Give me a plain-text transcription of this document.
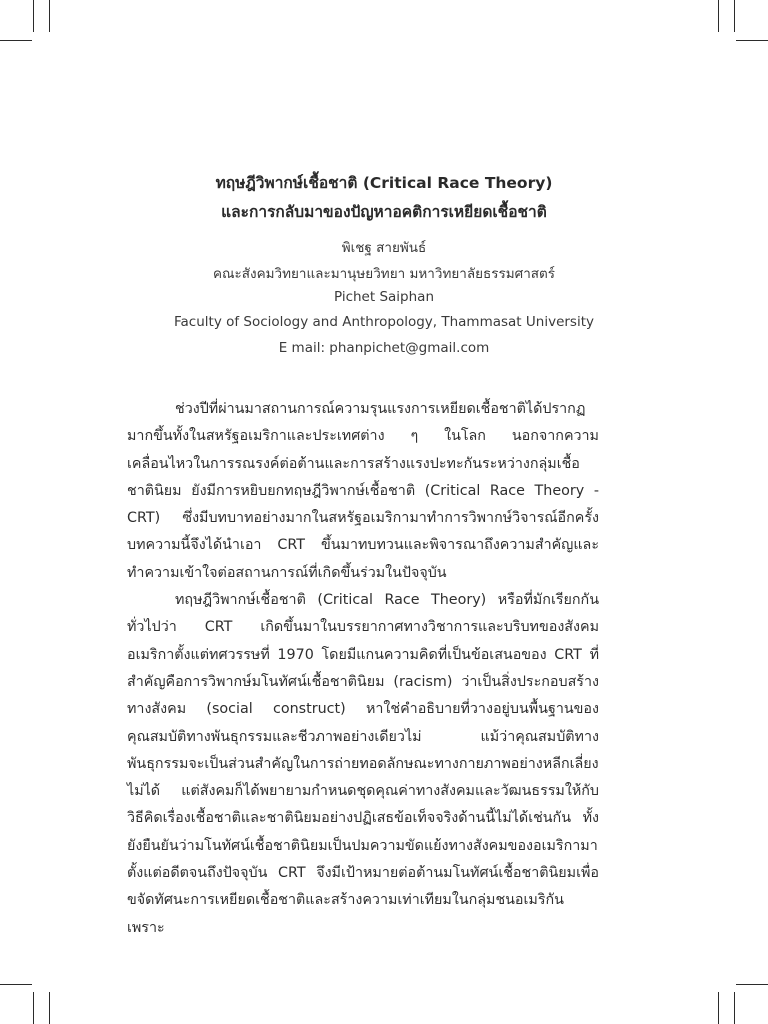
ทฤษฎีวิพากษ์เชื้อชาติ (Critical Race Theory)
และการกลับมาของปัญหาอคติการเหยียดเชื้อชาติ
พิเชฐ สายพันธ์
คณะสังคมวิทยาและมานุษยวิทยา มหาวิทยาลัยธรรมศาสตร์
Pichet Saiphan
Faculty of Sociology and Anthropology, Thammasat University
E mail: phanpichet@gmail.com

ช่วงปีที่ผ่านมาสถานการณ์ความรุนแรงการเหยียดเชื้อชาติได้ปรากฏมากขึ้นทั้งในสหรัฐอเมริกาและประเทศต่าง ๆ ในโลก นอกจากความเคลื่อนไหวในการรณรงค์ต่อต้านและการสร้างแรงปะทะกันระหว่างกลุ่มเชื้อชาตินิยม ยังมีการหยิบยกทฤษฎีวิพากษ์เชื้อชาติ (Critical Race Theory - CRT) ซึ่งมีบทบาทอย่างมากในสหรัฐอเมริกามาทำการวิพากษ์วิจารณ์อีกครั้ง บทความนี้จึงได้นำเอา CRT ขึ้นมาทบทวนและพิจารณาถึงความสำคัญและทำความเข้าใจต่อสถานการณ์ที่เกิดขึ้นร่วมในปัจจุบัน

ทฤษฎีวิพากษ์เชื้อชาติ (Critical Race Theory) หรือที่มักเรียกกันทั่วไปว่า CRT เกิดขึ้นมาในบรรยากาศทางวิชาการและบริบทของสังคมอเมริกาตั้งแต่ทศวรรษที่ 1970 โดยมีแกนความคิดที่เป็นข้อเสนอของ CRT ที่สำคัญคือการวิพากษ์มโนทัศน์เชื้อชาตินิยม (racism) ว่าเป็นสิ่งประกอบสร้างทางสังคม (social construct) หาใช่คำอธิบายที่วางอยู่บนพื้นฐานของคุณสมบัติทางพันธุกรรมและชีวภาพอย่างเดียวไม่ แม้ว่าคุณสมบัติทางพันธุกรรมจะเป็นส่วนสำคัญในการถ่ายทอดลักษณะทางกายภาพอย่างหลีกเลี่ยงไม่ได้ แต่สังคมก็ได้พยายามกำหนดชุดคุณค่าทางสังคมและวัฒนธรรมให้กับวิธีคิดเรื่องเชื้อชาติและชาตินิยมอย่างปฏิเสธข้อเท็จจริงด้านนี้ไม่ได้เช่นกัน ทั้งยังยืนยันว่ามโนทัศน์เชื้อชาตินิยมเป็นปมความขัดแย้งทางสังคมของอเมริกามาตั้งแต่อดีตจนถึงปัจจุบัน CRT จึงมีเป้าหมายต่อต้านมโนทัศน์เชื้อชาตินิยมเพื่อขจัดทัศนะการเหยียดเชื้อชาติและสร้างความเท่าเทียมในกลุ่มชนอเมริกัน เพราะ
